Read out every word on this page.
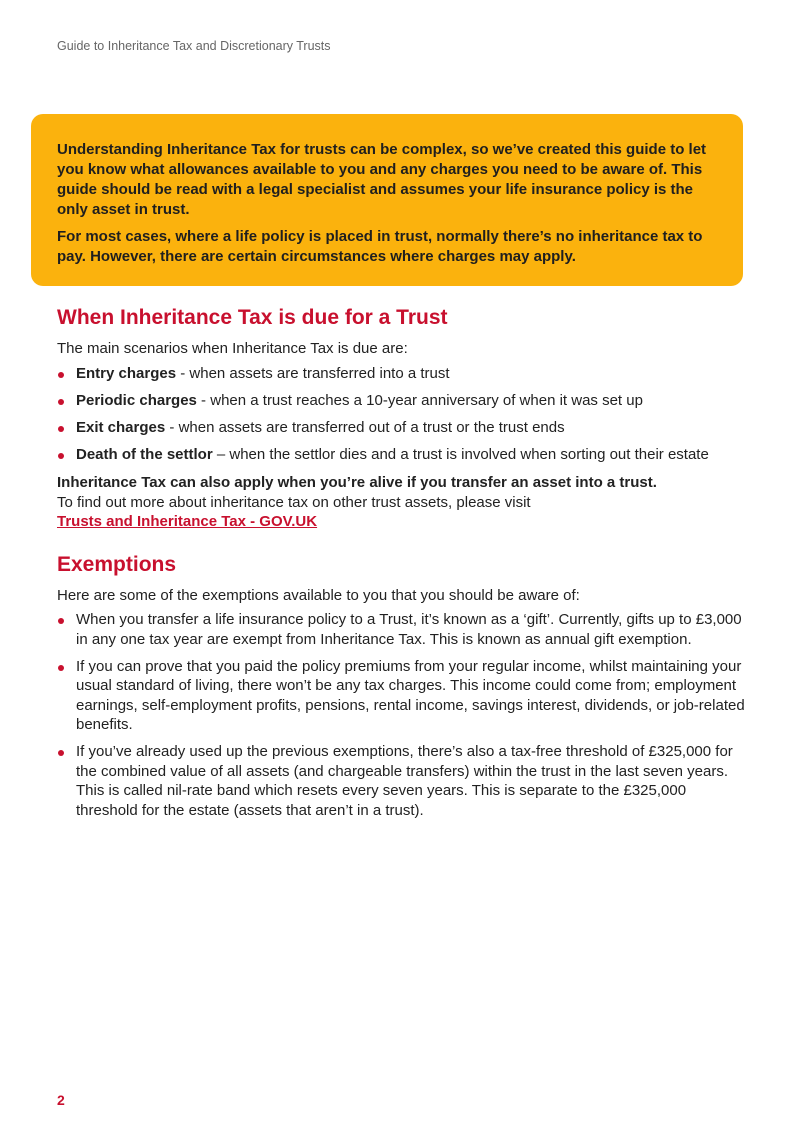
Guide to Inheritance Tax and Discretionary Trusts

Understanding Inheritance Tax for trusts can be complex, so we’ve created this guide to let you know what allowances available to you and any charges you need to be aware of. This guide should be read with a legal specialist and assumes your life insurance policy is the only asset in trust.

For most cases, where a life policy is placed in trust, normally there’s no inheritance tax to pay. However, there are certain circumstances where charges may apply.

When Inheritance Tax is due for a Trust

The main scenarios when Inheritance Tax is due are:

Entry charges - when assets are transferred into a trust
Periodic charges - when a trust reaches a 10-year anniversary of when it was set up
Exit charges - when assets are transferred out of a trust or the trust ends
Death of the settlor – when the settlor dies and a trust is involved when sorting out their estate

Inheritance Tax can also apply when you’re alive if you transfer an asset into a trust.

To find out more about inheritance tax on other trust assets, please visit

Trusts and Inheritance Tax - GOV.UK

Exemptions

Here are some of the exemptions available to you that you should be aware of:

When you transfer a life insurance policy to a Trust, it’s known as a ‘gift’. Currently, gifts up to £3,000 in any one tax year are exempt from Inheritance Tax. This is known as annual gift exemption.
If you can prove that you paid the policy premiums from your regular income, whilst maintaining your usual standard of living, there won’t be any tax charges. This income could come from; employment earnings, self-employment profits, pensions, rental income, savings interest, dividends, or job-related benefits.
If you’ve already used up the previous exemptions, there’s also a tax-free threshold of £325,000 for the combined value of all assets (and chargeable transfers) within the trust in the last seven years. This is called nil-rate band which resets every seven years. This is separate to the £325,000 threshold for the estate (assets that aren’t in a trust).
2
